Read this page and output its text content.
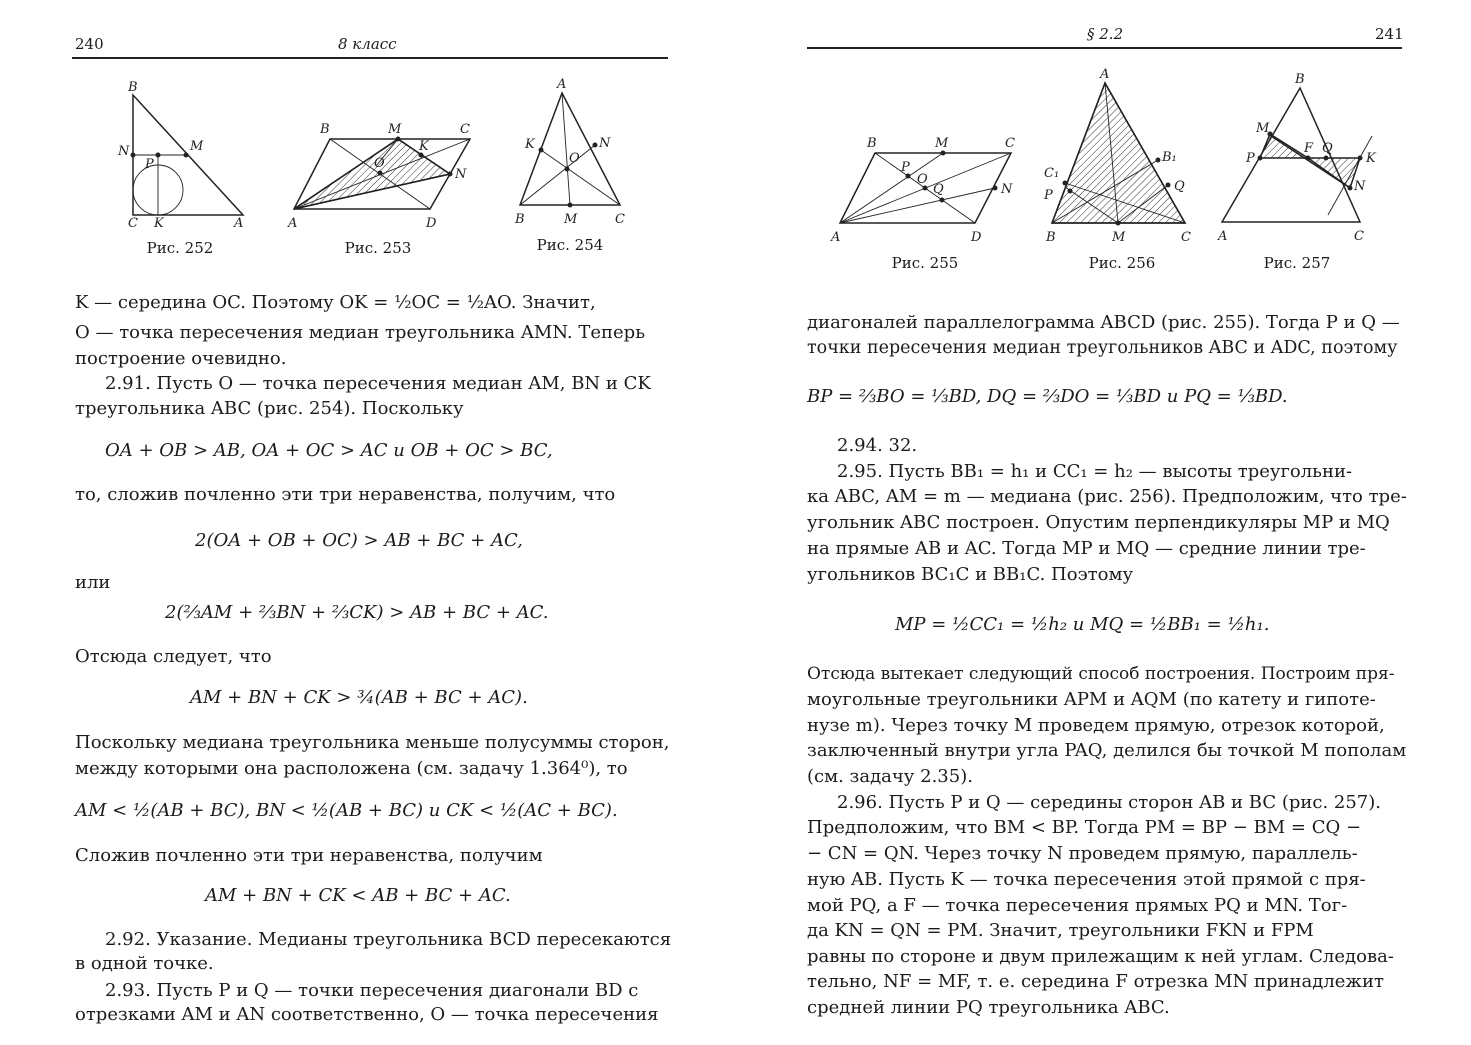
240	8 класс
B
N	M
P
C K	A
Рис. 252
B	M	C
K
O
N
A	D
Рис. 253
A
K	N
O
B	M	C
Рис. 254
K — середина OC. Поэтому OK = ½OC = ½AO. Значит,
O — точка пересечения медиан треугольника AMN. Теперь
построение очевидно.
2.91. Пусть O — точка пересечения медиан AM, BN и CK
треугольника ABC (рис. 254). Поскольку
OA + OB > AB, OA + OC > AC и OB + OC > BC,
то, сложив почленно эти три неравенства, получим, что
2(OA + OB + OC) > AB + BC + AC,
или
2(⅔AM + ⅔BN + ⅔CK) > AB + BC + AC.
Отсюда следует, что
AM + BN + CK > ¾(AB + BC + AC).
Поскольку медиана треугольника меньше полусуммы сторон,
между которыми она расположена (см. задачу 1.364⁰), то
AM < ½(AB + BC), BN < ½(AB + BC) и CK < ½(AC + BC).
Сложив почленно эти три неравенства, получим
AM + BN + CK < AB + BC + AC.
2.92. Указание. Медианы треугольника BCD пересекаются
в одной точке.
2.93. Пусть P и Q — точки пересечения диагонали BD с
отрезками AM и AN соответственно, O — точка пересечения
§ 2.2	241
B	M	C
P
O
Q	N
A	D
Рис. 255
A
B₁
C₁
P
Q
B	M	C
Рис. 256
B
M
P
F Q
K
N
A	C
Рис. 257
диагоналей параллелограмма ABCD (рис. 255). Тогда P и Q —
точки пересечения медиан треугольников ABC и ADC, поэтому
BP = ⅔BO = ⅓BD, DQ = ⅔DO = ⅓BD и PQ = ⅓BD.
2.94. 32.
2.95. Пусть BB₁ = h₁ и CC₁ = h₂ — высоты треугольни-
ка ABC, AM = m — медиана (рис. 256). Предположим, что тре-
угольник ABC построен. Опустим перпендикуляры MP и MQ
на прямые AB и AC. Тогда MP и MQ — средние линии тре-
угольников BC₁C и BB₁C. Поэтому
MP = ½CC₁ = ½h₂ и MQ = ½BB₁ = ½h₁.
Отсюда вытекает следующий способ построения. Построим пря-
моугольные треугольники APM и AQM (по катету и гипоте-
нузе m). Через точку M проведем прямую, отрезок которой,
заключенный внутри угла PAQ, делился бы точкой M пополам
(см. задачу 2.35).
2.96. Пусть P и Q — середины сторон AB и BC (рис. 257).
Предположим, что BM < BP. Тогда PM = BP − BM = CQ −
− CN = QN. Через точку N проведем прямую, параллель-
ную AB. Пусть K — точка пересечения этой прямой с пря-
мой PQ, а F — точка пересечения прямых PQ и MN. Тог-
да KN = QN = PM. Значит, треугольники FKN и FPM
равны по стороне и двум прилежащим к ней углам. Следова-
тельно, NF = MF, т. е. середина F отрезка MN принадлежит
средней линии PQ треугольника ABC.
